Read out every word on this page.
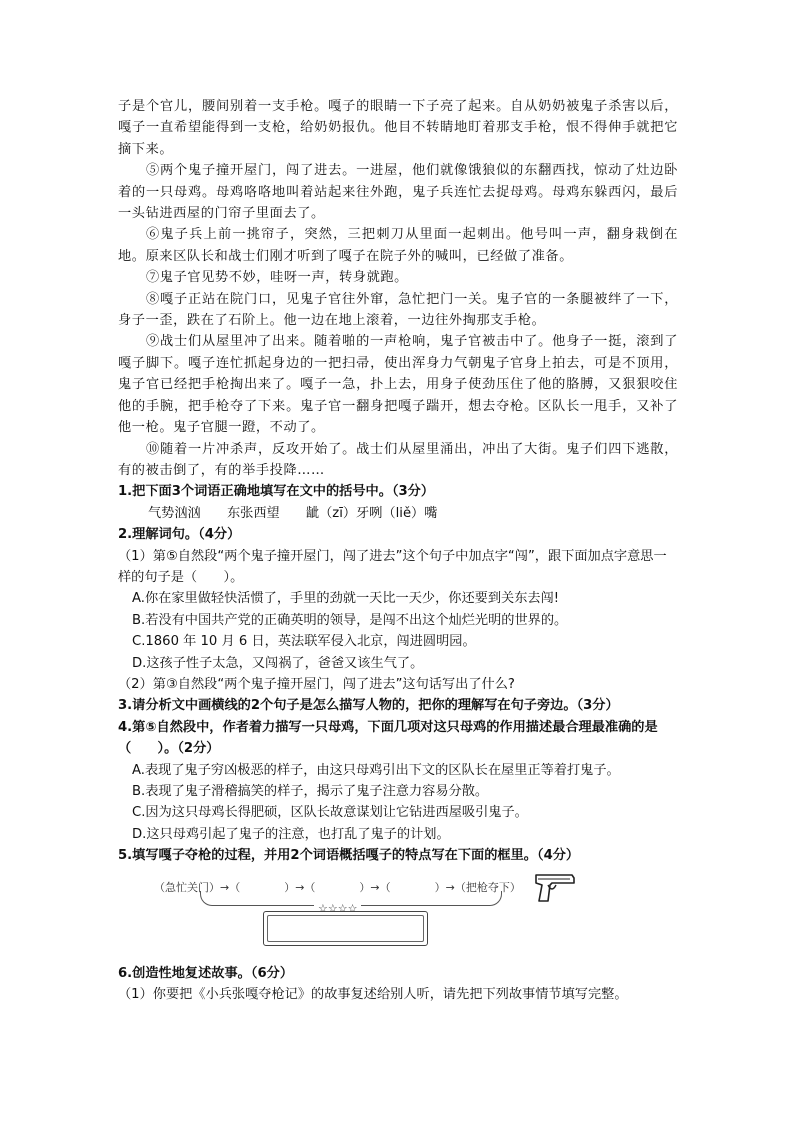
子是个官儿，腰间别着一支手枪。嘎子的眼睛一下子亮了起来。自从奶奶被鬼子杀害以后，嘎子一直希望能得到一支枪，给奶奶报仇。他目不转睛地盯着那支手枪，恨不得伸手就把它摘下来。

⑤两个鬼子撞开屋门，闯了进去。一进屋，他们就像饿狼似的东翻西找，惊动了灶边卧着的一只母鸡。母鸡咯咯地叫着站起来往外跑，鬼子兵连忙去捉母鸡。母鸡东躲西闪，最后一头钻进西屋的门帘子里面去了。

⑥鬼子兵上前一挑帘子，突然，三把刺刀从里面一起刺出。他号叫一声，翻身栽倒在地。原来区队长和战士们刚才听到了嘎子在院子外的喊叫，已经做了准备。

⑦鬼子官见势不妙，哇呀一声，转身就跑。

⑧嘎子正站在院门口，见鬼子官往外窜，急忙把门一关。鬼子官的一条腿被绊了一下，身子一歪，跌在了石阶上。他一边在地上滚着，一边往外掏那支手枪。

⑨战士们从屋里冲了出来。随着啪的一声枪响，鬼子官被击中了。他身子一挺，滚到了嘎子脚下。嘎子连忙抓起身边的一把扫帚，使出浑身力气朝鬼子官身上拍去，可是不顶用，鬼子官已经把手枪掏出来了。嘎子一急，扑上去，用身子使劲压住了他的胳膊，又狠狠咬住他的手腕，把手枪夺了下来。鬼子官一翻身把嘎子踹开，想去夺枪。区队长一甩手，又补了他一枪。鬼子官腿一蹬，不动了。

⑩随着一片冲杀声，反攻开始了。战士们从屋里涌出，冲出了大街。鬼子们四下逃散，有的被击倒了，有的举手投降……

1.把下面3个词语正确地填写在文中的括号中。（3分）

气势汹汹 东张西望 龇（zī）牙咧（liě）嘴

2.理解词句。（4分）

（1）第⑤自然段“两个鬼子撞开屋门，闯了进去”这个句子中加点字“闯”，跟下面加点字意思一样的句子是（　　）。

A.你在家里做轻快活惯了，手里的劲就一天比一天少，你还要到关东去闯!

B.若没有中国共产党的正确英明的领导，是闯不出这个灿烂光明的世界的。

C.1860 年 10 月 6 日，英法联军侵入北京，闯进圆明园。

D.这孩子性子太急，又闯祸了，爸爸又该生气了。

（2）第③自然段“两个鬼子撞开屋门，闯了进去”这句话写出了什么?

3.请分析文中画横线的2个句子是怎么描写人物的，把你的理解写在句子旁边。（3分）

4.第⑤自然段中，作者着力描写一只母鸡，下面几项对这只母鸡的作用描述最合理最准确的是（　　）。（2分）

A.表现了鬼子穷凶极恶的样子，由这只母鸡引出下文的区队长在屋里正等着打鬼子。

B.表现了鬼子滑稽搞笑的样子，揭示了鬼子注意力容易分散。

C.因为这只母鸡长得肥硕，区队长故意谋划让它钻进西屋吸引鬼子。

D.这只母鸡引起了鬼子的注意，也打乱了鬼子的计划。

5.填写嘎子夺枪的过程，并用2个词语概括嘎子的特点写在下面的框里。（4分）

（急忙关门）→（　　　　）→（　　　　）→（　　　　）→（把枪夺下）
☆☆☆☆

6.创造性地复述故事。（6分）

（1）你要把《小兵张嘎夺枪记》的故事复述给别人听，请先把下列故事情节填写完整。
